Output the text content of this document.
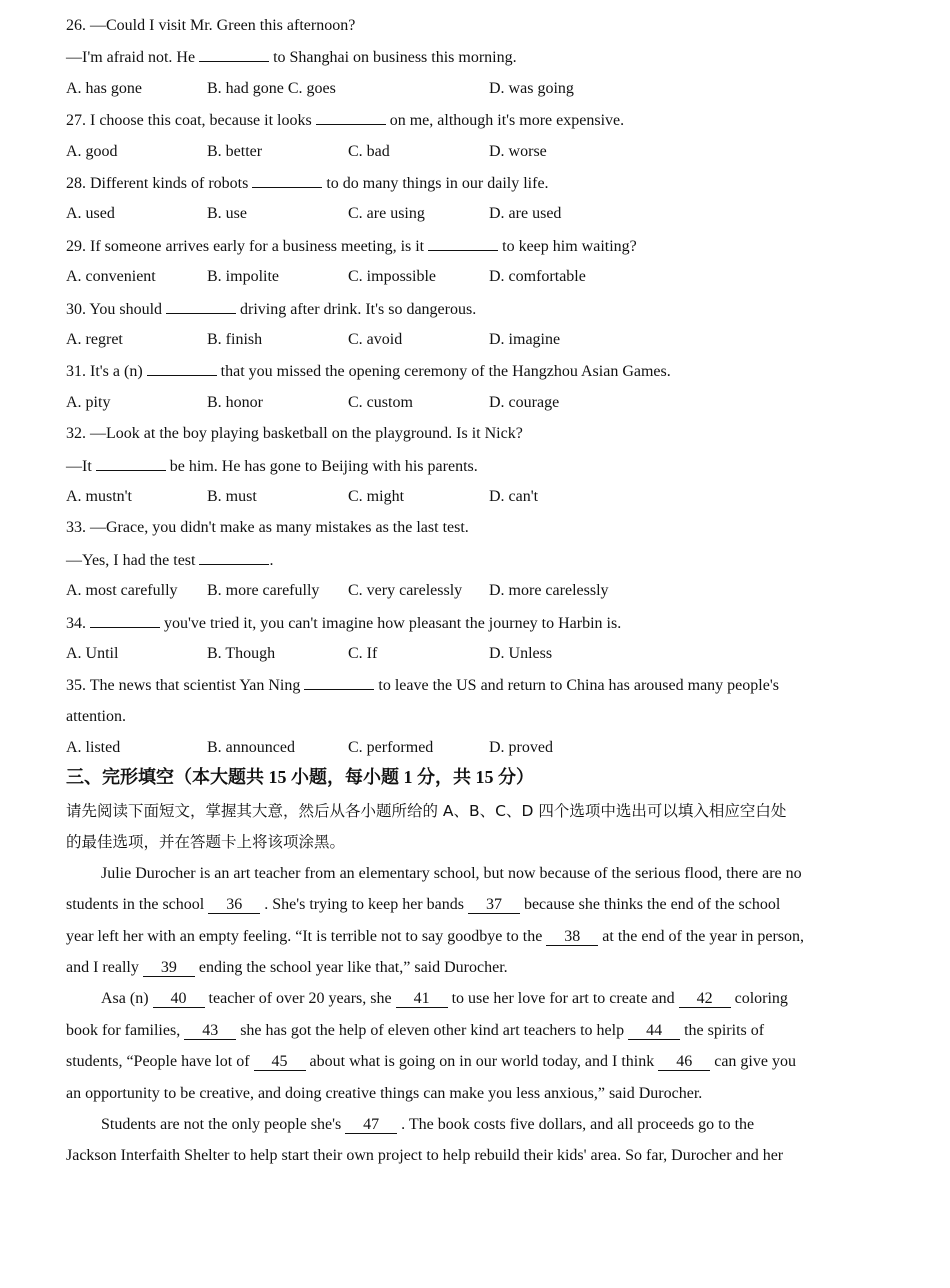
26. —Could I visit Mr. Green this afternoon?
—I'm afraid not. He	to Shanghai on business this morning.
A. has gone	B. had gone C. goes	D. was going
27. I choose this coat, because it looks	on me, although it's more expensive.
A. good	B. better	C. bad	D. worse
28. Different kinds of robots	to do many things in our daily life.
A. used	B. use	C. are using	D. are used
29. If someone arrives early for a business meeting, is it	to keep him waiting?
A. convenient	B. impolite	C. impossible	D. comfortable
30. You should	driving after drink. It's so dangerous.
A. regret	B. finish	C. avoid	D. imagine
31. It's a (n)	that you missed the opening ceremony of the Hangzhou Asian Games.
A. pity	B. honor	C. custom	D. courage
32. —Look at the boy playing basketball on the playground. Is it Nick?
—It	be him. He has gone to Beijing with his parents.
A. mustn't	B. must	C. might	D. can't
33. —Grace, you didn't make as many mistakes as the last test.
—Yes, I had the test	.
A. most carefully B. more carefully C. very carelessly D. more carelessly
34.	you've tried it, you can't imagine how pleasant the journey to Harbin is.
A. Until	B. Though	C. If	D. Unless
35. The news that scientist Yan Ning	to leave the US and return to China has aroused many people's
attention.
A. listed	B. announced	C. performed	D. proved
三、完形填空（本大题共 15 小题，每小题 1 分，共 15 分）
请先阅读下面短文，掌握其大意，然后从各小题所给的 A、B、C、D 四个选项中选出可以填入相应空白处
的最佳选项，并在答题卡上将该项涂黑。
Julie Durocher is an art teacher from an elementary school, but now because of the serious flood, there are no
students in the school 36 . She's trying to keep her bands 37 because she thinks the end of the school
year left her with an empty feeling. “It is terrible not to say goodbye to the 38 at the end of the year in person,
and I really 39 ending the school year like that,” said Durocher.
Asa (n) 40 teacher of over 20 years, she 41 to use her love for art to create and 42 coloring
book for families, 43 she has got the help of eleven other kind art teachers to help 44 the spirits of
students, “People have lot of 45 about what is going on in our world today, and I think 46 can give you
an opportunity to be creative, and doing creative things can make you less anxious,” said Durocher.
Students are not the only people she's 47 . The book costs five dollars, and all proceeds go to the
Jackson Interfaith Shelter to help start their own project to help rebuild their kids' area. So far, Durocher and her
